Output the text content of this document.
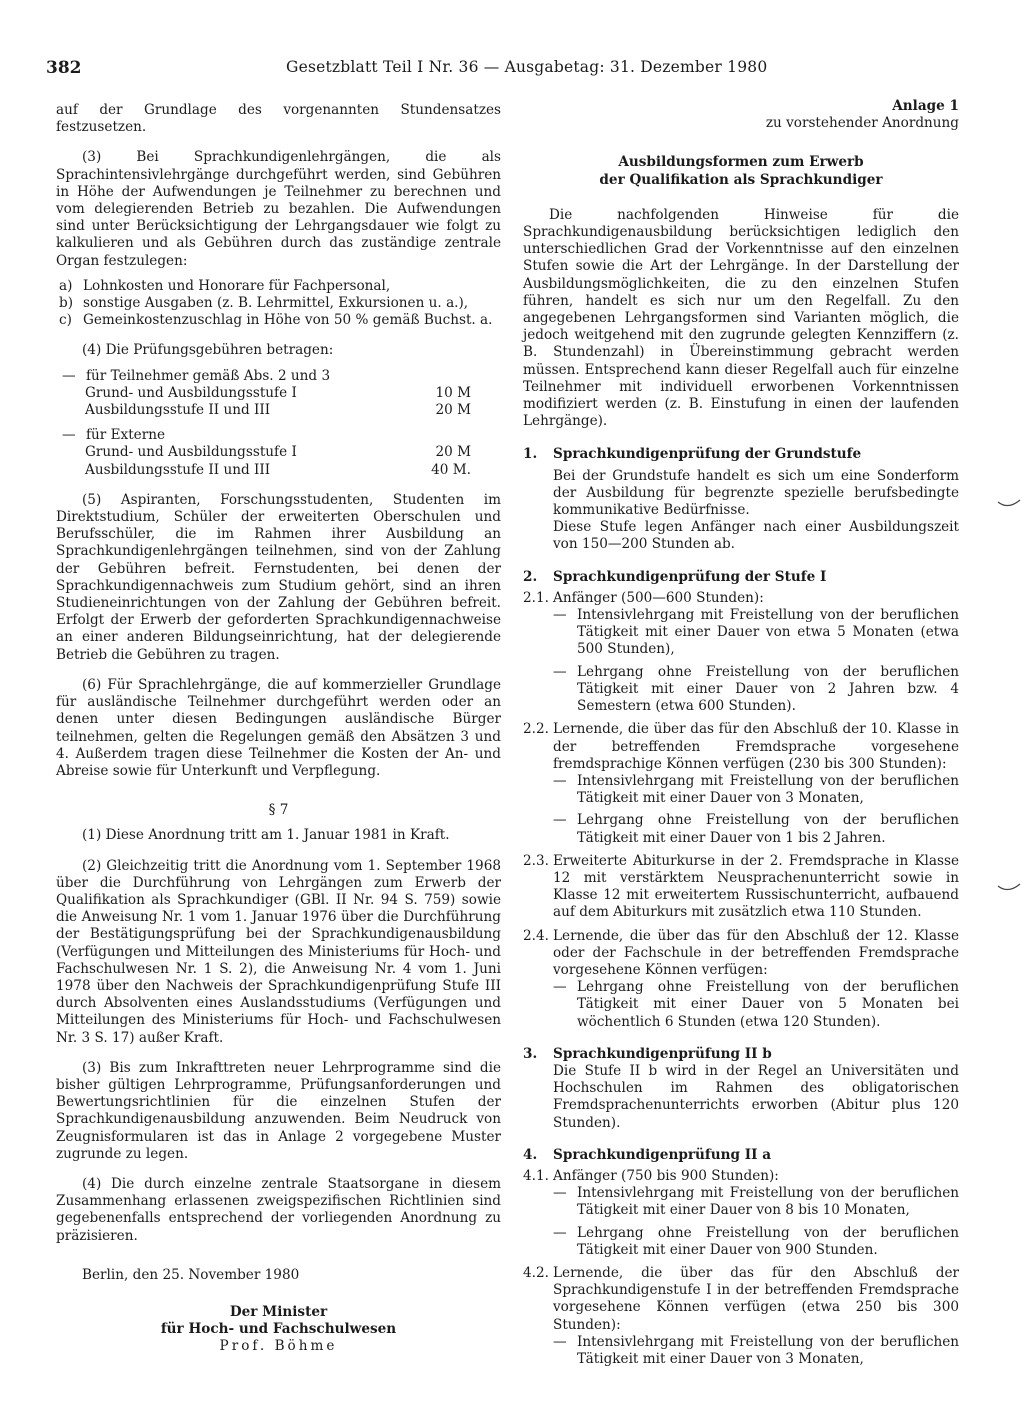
382	Gesetzblatt Teil I Nr. 36 — Ausgabetag: 31. Dezember 1980

auf der Grundlage des vorgenannten Stundensatzes festzusetzen.

(3) Bei Sprachkundigenlehrgängen, die als Sprachintensivlehrgänge durchgeführt werden, sind Gebühren in Höhe der Aufwendungen je Teilnehmer zu berechnen und vom delegierenden Betrieb zu bezahlen. Die Aufwendungen sind unter Berücksichtigung der Lehrgangsdauer wie folgt zu kalkulieren und als Gebühren durch das zuständige zentrale Organ festzulegen:

a) Lohnkosten und Honorare für Fachpersonal,
b) sonstige Ausgaben (z. B. Lehrmittel, Exkursionen u. a.),
c) Gemeinkostenzuschlag in Höhe von 50 % gemäß Buchst. a.

(4) Die Prüfungsgebühren betragen:

— für Teilnehmer gemäß Abs. 2 und 3
Grund- und Ausbildungsstufe I	10 M
Ausbildungsstufe II und III	20 M
— für Externe
Grund- und Ausbildungsstufe I	20 M
Ausbildungsstufe II und III	40 M.

(5) Aspiranten, Forschungsstudenten, Studenten im Direktstudium, Schüler der erweiterten Oberschulen und Berufsschüler, die im Rahmen ihrer Ausbildung an Sprachkundigenlehrgängen teilnehmen, sind von der Zahlung der Gebühren befreit. Fernstudenten, bei denen der Sprachkundigennachweis zum Studium gehört, sind an ihren Studieneinrichtungen von der Zahlung der Gebühren befreit. Erfolgt der Erwerb der geforderten Sprachkundigennachweise an einer anderen Bildungseinrichtung, hat der delegierende Betrieb die Gebühren zu tragen.

(6) Für Sprachlehrgänge, die auf kommerzieller Grundlage für ausländische Teilnehmer durchgeführt werden oder an denen unter diesen Bedingungen ausländische Bürger teilnehmen, gelten die Regelungen gemäß den Absätzen 3 und 4. Außerdem tragen diese Teilnehmer die Kosten der An- und Abreise sowie für Unterkunft und Verpflegung.

§ 7

(1) Diese Anordnung tritt am 1. Januar 1981 in Kraft.

(2) Gleichzeitig tritt die Anordnung vom 1. September 1968 über die Durchführung von Lehrgängen zum Erwerb der Qualifikation als Sprachkundiger (GBl. II Nr. 94 S. 759) sowie die Anweisung Nr. 1 vom 1. Januar 1976 über die Durchführung der Bestätigungsprüfung bei der Sprachkundigenausbildung (Verfügungen und Mitteilungen des Ministeriums für Hoch- und Fachschulwesen Nr. 1 S. 2), die Anweisung Nr. 4 vom 1. Juni 1978 über den Nachweis der Sprachkundigenprüfung Stufe III durch Absolventen eines Auslandsstudiums (Verfügungen und Mitteilungen des Ministeriums für Hoch- und Fachschulwesen Nr. 3 S. 17) außer Kraft.

(3) Bis zum Inkrafttreten neuer Lehrprogramme sind die bisher gültigen Lehrprogramme, Prüfungsanforderungen und Bewertungsrichtlinien für die einzelnen Stufen der Sprachkundigenausbildung anzuwenden. Beim Neudruck von Zeugnisformularen ist das in Anlage 2 vorgegebene Muster zugrunde zu legen.

(4) Die durch einzelne zentrale Staatsorgane in diesem Zusammenhang erlassenen zweigspezifischen Richtlinien sind gegebenenfalls entsprechend der vorliegenden Anordnung zu präzisieren.

Berlin, den 25. November 1980

Der Minister

für Hoch- und Fachschulwesen

Prof. Böhme

Anlage 1

zu vorstehender Anordnung

Ausbildungsformen zum Erwerb

der Qualifikation als Sprachkundiger

Die nachfolgenden Hinweise für die Sprachkundigenausbildung berücksichtigen lediglich den unterschiedlichen Grad der Vorkenntnisse auf den einzelnen Stufen sowie die Art der Lehrgänge. In der Darstellung der Ausbildungsmöglichkeiten, die zu den einzelnen Stufen führen, handelt es sich nur um den Regelfall. Zu den angegebenen Lehrgangsformen sind Varianten möglich, die jedoch weitgehend mit den zugrunde gelegten Kennziffern (z. B. Stundenzahl) in Übereinstimmung gebracht werden müssen. Entsprechend kann dieser Regelfall auch für einzelne Teilnehmer mit individuell erworbenen Vorkenntnissen modifiziert werden (z. B. Einstufung in einen der laufenden Lehrgänge).

1.	Sprachkundigenprüfung der Grundstufe

Bei der Grundstufe handelt es sich um eine Sonderform der Ausbildung für begrenzte spezielle berufsbedingte kommunikative Bedürfnisse.

Diese Stufe legen Anfänger nach einer Ausbildungszeit von 150—200 Stunden ab.

2.	Sprachkundigenprüfung der Stufe I
2.1. Anfänger (500—600 Stunden):
— Intensivlehrgang mit Freistellung von der beruflichen Tätigkeit mit einer Dauer von etwa 5 Monaten (etwa 500 Stunden),
— Lehrgang ohne Freistellung von der beruflichen Tätigkeit mit einer Dauer von 2 Jahren bzw. 4 Semestern (etwa 600 Stunden).
2.2. Lernende, die über das für den Abschluß der 10. Klasse in der betreffenden Fremdsprache vorgesehene fremdsprachige Können verfügen (230 bis 300 Stunden):
— Intensivlehrgang mit Freistellung von der beruflichen Tätigkeit mit einer Dauer von 3 Monaten,
— Lehrgang ohne Freistellung von der beruflichen Tätigkeit mit einer Dauer von 1 bis 2 Jahren.
2.3. Erweiterte Abiturkurse in der 2. Fremdsprache in Klasse 12 mit verstärktem Neusprachenunterricht sowie in Klasse 12 mit erweitertem Russischunterricht, aufbauend auf dem Abiturkurs mit zusätzlich etwa 110 Stunden.
2.4. Lernende, die über das für den Abschluß der 12. Klasse oder der Fachschule in der betreffenden Fremdsprache vorgesehene Können verfügen:
— Lehrgang ohne Freistellung von der beruflichen Tätigkeit mit einer Dauer von 5 Monaten bei wöchentlich 6 Stunden (etwa 120 Stunden).
3.	Sprachkundigenprüfung II b

Die Stufe II b wird in der Regel an Universitäten und Hochschulen im Rahmen des obligatorischen Fremdsprachenunterrichts erworben (Abitur plus 120 Stunden).

4.	Sprachkundigenprüfung II a
4.1. Anfänger (750 bis 900 Stunden):
— Intensivlehrgang mit Freistellung von der beruflichen Tätigkeit mit einer Dauer von 8 bis 10 Monaten,
— Lehrgang ohne Freistellung von der beruflichen Tätigkeit mit einer Dauer von 900 Stunden.
4.2. Lernende, die über das für den Abschluß der Sprachkundigenstufe I in der betreffenden Fremdsprache vorgesehene Können verfügen (etwa 250 bis 300 Stunden):
— Intensivlehrgang mit Freistellung von der beruflichen Tätigkeit mit einer Dauer von 3 Monaten,
